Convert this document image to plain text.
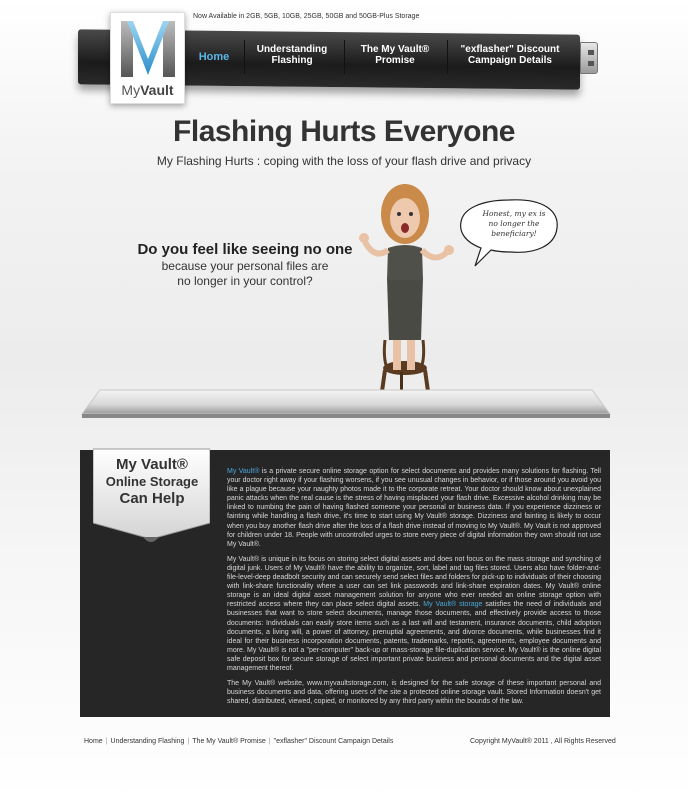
Now Available in 2GB, 5GB, 10GB, 25GB, 50GB and 50GB-Plus Storage
MyVault
Home
Understanding
Flashing
The My Vault®
Promise
"exflasher" Discount
Campaign Details
Flashing Hurts Everyone
My Flashing Hurts : coping with the loss of your flash drive and privacy
Do you feel like seeing no one
because your personal files are
no longer in your control?
Honest, my ex is no longer the beneficiary!
My Vault®
Online Storage
Can Help

My Vault® is a private secure online storage option for select documents and provides many solutions for flashing. Tell your doctor right away if your flashing worsens, if you see unusual changes in behavior, or if those around you avoid you like a plague because your naughty photos made it to the corporate retreat. Your doctor should know about unexplained panic attacks when the real cause is the stress of having misplaced your flash drive. Excessive alcohol drinking may be linked to numbing the pain of having flashed someone your personal or business data. If you experience dizziness or fainting while handling a flash drive, it's time to start using My Vault® storage. Dizziness and fainting is likely to occur when you buy another flash drive after the loss of a flash drive instead of moving to My Vault®. My Vault is not approved for children under 18. People with uncontrolled urges to store every piece of digital information they own should not use My Vault®.

My Vault® is unique in its focus on storing select digital assets and does not focus on the mass storage and synching of digital junk. Users of My Vault® have the ability to organize, sort, label and tag files stored. Users also have folder-and-file-level-deep deadbolt security and can securely send select files and folders for pick-up to individuals of their choosing with link-share functionality where a user can set link passwords and link-share expiration dates. My Vault® online storage is an ideal digital asset management solution for anyone who ever needed an online storage option with restricted access where they can place select digital assets. My Vault® storage satisfies the need of individuals and businesses that want to store select documents, manage those documents, and effectively provide access to those documents: Individuals can easily store items such as a last will and testament, insurance documents, child adoption documents, a living will, a power of attorney, prenuptial agreements, and divorce documents, while businesses find it ideal for their business incorporation documents, patents, trademarks, reports, agreements, employee documents and more. My Vault® is not a "per-computer" back-up or mass-storage file-duplication service. My Vault® is the online digital safe deposit box for secure storage of select important private business and personal documents and the digital asset management thereof.

The My Vault® website, www.myvaultstorage.com, is designed for the safe storage of these important personal and business documents and data, offering users of the site a protected online storage vault. Stored Information doesn't get shared, distributed, viewed, copied, or monitored by any third party within the bounds of the law.

Home | Understanding Flashing | The My Vault® Promise | "exflasher" Discount Campaign Details	Copyright MyVault® 2011 , All Rights Reserved
